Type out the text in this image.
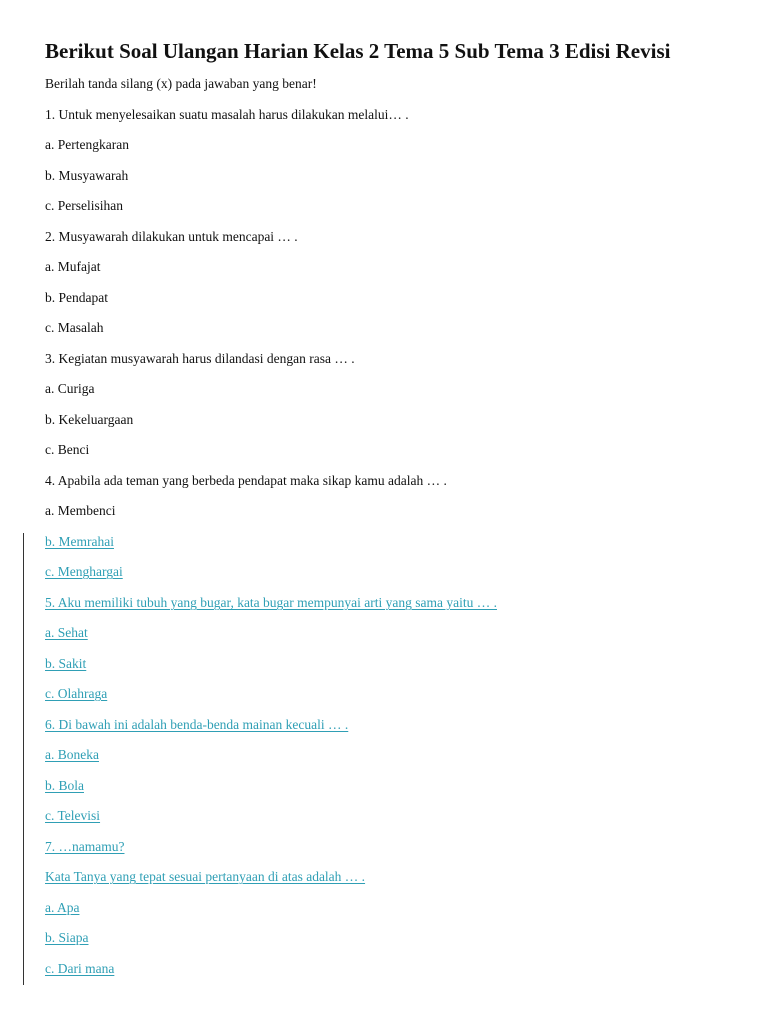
Berikut Soal Ulangan Harian Kelas 2 Tema 5 Sub Tema 3 Edisi Revisi
Berilah tanda silang (x) pada jawaban yang benar!
1. Untuk menyelesaikan suatu masalah harus dilakukan melalui… .
a. Pertengkaran
b. Musyawarah
c. Perselisihan
2. Musyawarah dilakukan untuk mencapai … .
a. Mufajat
b. Pendapat
c. Masalah
3. Kegiatan musyawarah harus dilandasi dengan rasa … .
a. Curiga
b. Kekeluargaan
c. Benci
4. Apabila ada teman yang berbeda pendapat maka sikap kamu adalah … .
a. Membenci
b. Memrahai
c. Menghargai
5. Aku memiliki tubuh yang bugar, kata bugar mempunyai arti yang sama yaitu … .
a. Sehat
b. Sakit
c. Olahraga
6. Di bawah ini adalah benda-benda mainan kecuali … .
a. Boneka
b. Bola
c. Televisi
7. …namamu?
Kata Tanya yang tepat sesuai pertanyaan di atas adalah … .
a. Apa
b. Siapa
c. Dari mana
